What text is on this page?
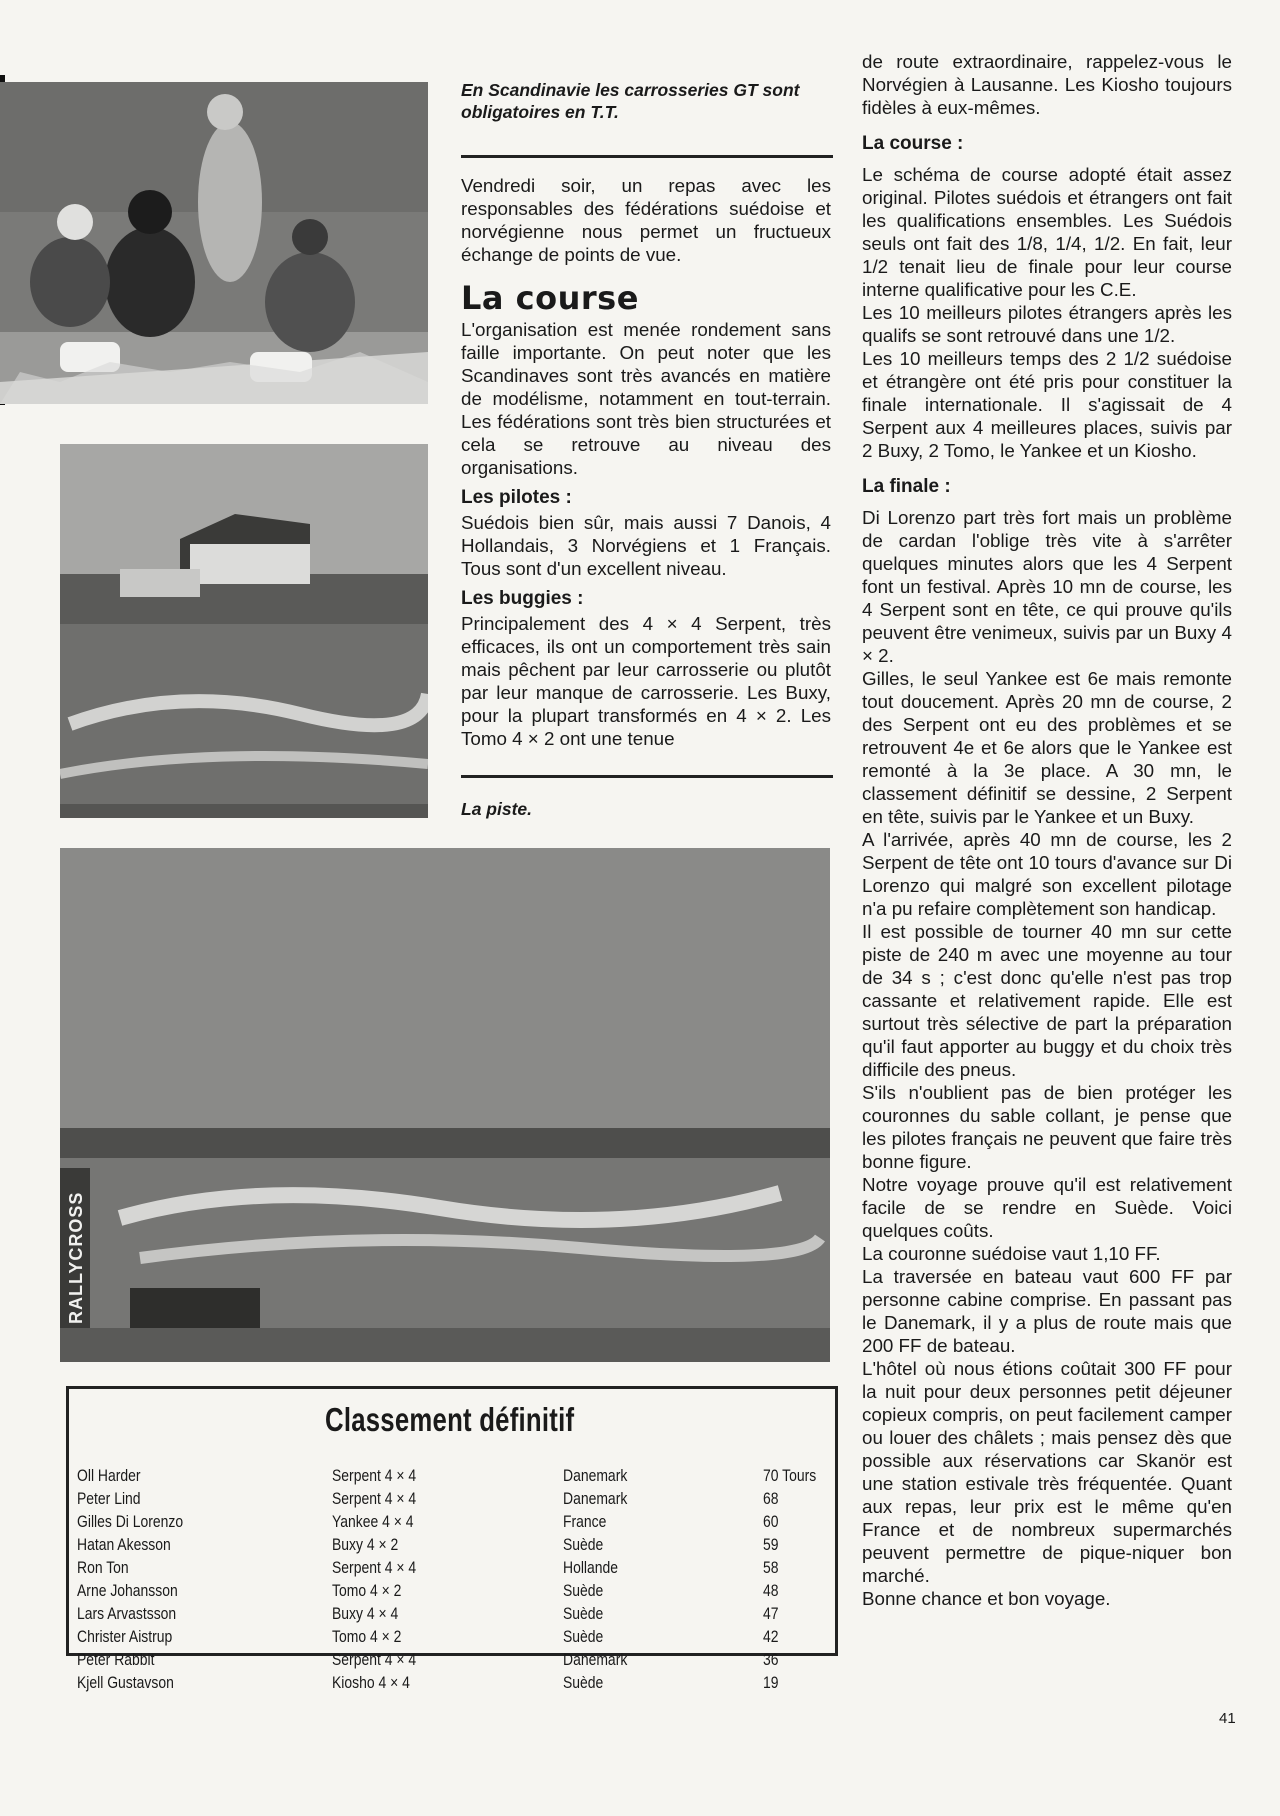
RALLYCROSS
En Scandinavie les carrosseries GT sont obligatoires en T.T.

Vendredi soir, un repas avec les responsables des fédérations suédoise et norvégienne nous permet un fructueux échange de points de vue.

La course

L'organisation est menée rondement sans faille importante. On peut noter que les Scandinaves sont très avancés en matière de modélisme, notamment en tout-terrain. Les fédérations sont très bien structurées et cela se retrouve au niveau des organisations.

Les pilotes :

Suédois bien sûr, mais aussi 7 Danois, 4 Hollandais, 3 Norvégiens et 1 Français. Tous sont d'un excellent niveau.

Les buggies :

Principalement des 4 × 4 Serpent, très efficaces, ils ont un comportement très sain mais pêchent par leur carrosserie ou plutôt par leur manque de carrosserie. Les Buxy, pour la plupart transformés en 4 × 2. Les Tomo 4 × 2 ont une tenue

La piste.

de route extraordinaire, rappelez-vous le Norvégien à Lausanne. Les Kiosho toujours fidèles à eux-mêmes.

La course :

Le schéma de course adopté était assez original. Pilotes suédois et étrangers ont fait les qualifications ensembles. Les Suédois seuls ont fait des 1/8, 1/4, 1/2. En fait, leur 1/2 tenait lieu de finale pour leur course interne qualificative pour les C.E.

Les 10 meilleurs pilotes étrangers après les qualifs se sont retrouvé dans une 1/2.

Les 10 meilleurs temps des 2 1/2 suédoise et étrangère ont été pris pour constituer la finale internationale. Il s'agissait de 4 Serpent aux 4 meilleures places, suivis par 2 Buxy, 2 Tomo, le Yankee et un Kiosho.

La finale :

Di Lorenzo part très fort mais un problème de cardan l'oblige très vite à s'arrêter quelques minutes alors que les 4 Serpent font un festival. Après 10 mn de course, les 4 Serpent sont en tête, ce qui prouve qu'ils peuvent être venimeux, suivis par un Buxy 4 × 2.

Gilles, le seul Yankee est 6e mais remonte tout doucement. Après 20 mn de course, 2 des Serpent ont eu des problèmes et se retrouvent 4e et 6e alors que le Yankee est remonté à la 3e place. A 30 mn, le classement définitif se dessine, 2 Serpent en tête, suivis par le Yankee et un Buxy.

A l'arrivée, après 40 mn de course, les 2 Serpent de tête ont 10 tours d'avance sur Di Lorenzo qui malgré son excellent pilotage n'a pu refaire complètement son handicap.

Il est possible de tourner 40 mn sur cette piste de 240 m avec une moyenne au tour de 34 s ; c'est donc qu'elle n'est pas trop cassante et relativement rapide. Elle est surtout très sélective de part la préparation qu'il faut apporter au buggy et du choix très difficile des pneus.

S'ils n'oublient pas de bien protéger les couronnes du sable collant, je pense que les pilotes français ne peuvent que faire très bonne figure.

Notre voyage prouve qu'il est relativement facile de se rendre en Suède. Voici quelques coûts.

La couronne suédoise vaut 1,10 FF.

La traversée en bateau vaut 600 FF par personne cabine comprise. En passant pas le Danemark, il y a plus de route mais que 200 FF de bateau.

L'hôtel où nous étions coûtait 300 FF pour la nuit pour deux personnes petit déjeuner copieux compris, on peut facilement camper ou louer des châlets ; mais pensez dès que possible aux réservations car Skanör est une station estivale très fréquentée. Quant aux repas, leur prix est le même qu'en France et de nombreux supermarchés peuvent permettre de pique-niquer bon marché.

Bonne chance et bon voyage.

Classement définitif
Oll Harder	Serpent 4 × 4	Danemark	70 Tours
Peter Lind	Serpent 4 × 4	Danemark	68
Gilles Di Lorenzo	Yankee 4 × 4	France	60
Hatan Akesson	Buxy 4 × 2	Suède	59
Ron Ton	Serpent 4 × 4	Hollande	58
Arne Johansson	Tomo 4 × 2	Suède	48
Lars Arvastsson	Buxy 4 × 4	Suède	47
Christer Aistrup	Tomo 4 × 2	Suède	42
Peter Rabbit	Serpent 4 × 4	Danemark	36
Kjell Gustavson	Kiosho 4 × 4	Suède	19
41
